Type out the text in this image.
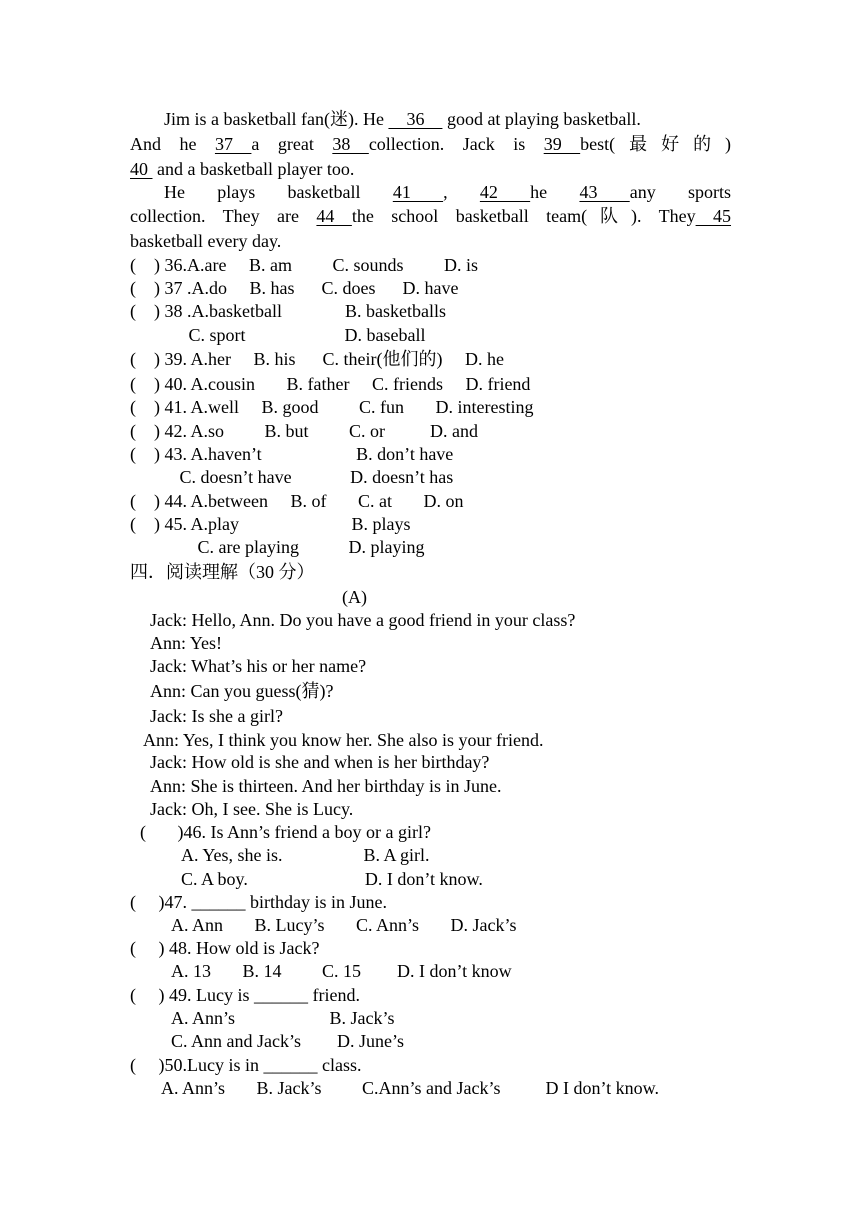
Jim is a basketball fan(迷). He     36     good at playing basketball.
And he 37 a great 38 collection. Jack is 39 best(最好的)
40  and a basketball player too.
He plays basketball 41 , 42 he 43 any sports
collection. They are 44 the school basketball team(队). They 45
basketball every day.
(    ) 36.A.are     B. am         C. sounds         D. is
(    ) 37 .A.do     B. has      C. does      D. have
(    ) 38 .A.basketball              B. basketballs
C. sport                      D. baseball
(    ) 39. A.her     B. his      C. their(他们的)     D. he
(    ) 40. A.cousin       B. father     C. friends     D. friend
(    ) 41. A.well     B. good         C. fun       D. interesting
(    ) 42. A.so         B. but         C. or          D. and
(    ) 43. A.haven’t                     B. don’t have
C. doesn’t have             D. doesn’t has
(    ) 44. A.between     B. of       C. at       D. on
(    ) 45. A.play                         B. plays
C. are playing           D. playing
四．阅读理解（30 分）
(A)
Jack: Hello, Ann. Do you have a good friend in your class?
Ann: Yes!
Jack: What’s his or her name?
Ann: Can you guess(猜)?
Jack: Is she a girl?
Ann: Yes, I think you know her. She also is your friend.
Jack: How old is she and when is her birthday?
Ann: She is thirteen. And her birthday is in June.
Jack: Oh, I see. She is Lucy.
(       )46. Is Ann’s friend a boy or a girl?
A. Yes, she is.                  B. A girl.
C. A boy.                          D. I don’t know.
(     )47. ______ birthday is in June.
A. Ann       B. Lucy’s       C. Ann’s       D. Jack’s
(     ) 48. How old is Jack?
A. 13       B. 14         C. 15        D. I don’t know
(     ) 49. Lucy is ______ friend.
A. Ann’s                     B. Jack’s
C. Ann and Jack’s        D. June’s
(     )50.Lucy is in ______ class.
A. Ann’s       B. Jack’s         C.Ann’s and Jack’s          D I don’t know.
